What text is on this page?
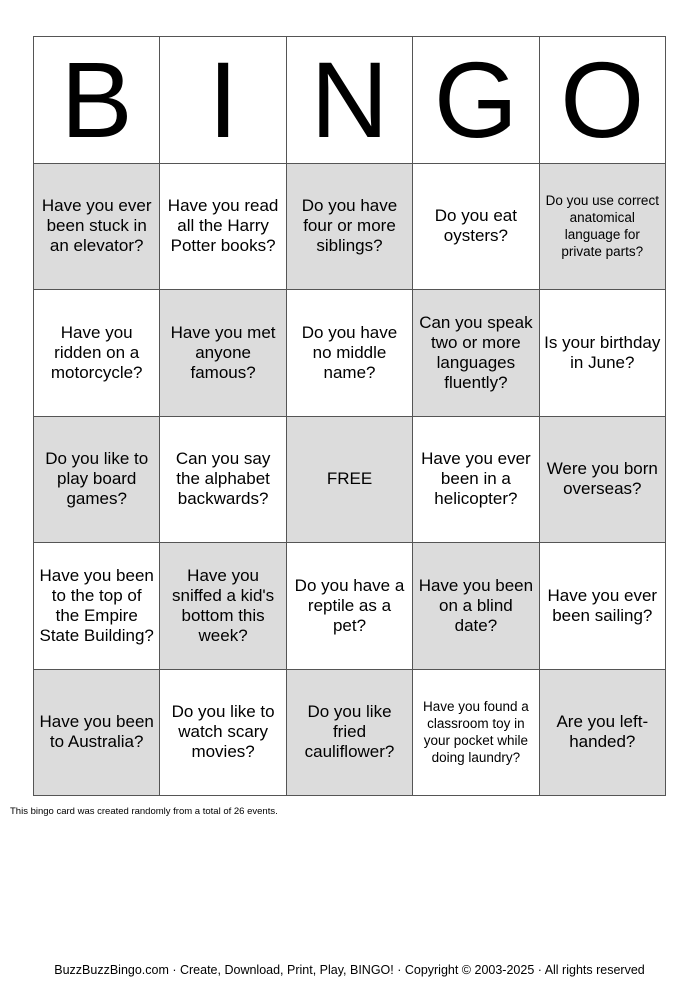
B I N G O
Have you ever been stuck in an elevator?
Have you read all the Harry Potter books?
Do you have four or more siblings?
Do you eat oysters?
Do you use correct anatomical language for private parts?
Have you ridden on a motorcycle?
Have you met anyone famous?
Do you have no middle name?
Can you speak two or more languages fluently?
Is your birthday in June?
Do you like to play board games?
Can you say the alphabet backwards?
FREE
Have you ever been in a helicopter?
Were you born overseas?
Have you been to the top of the Empire State Building?
Have you sniffed a kid's bottom this week?
Do you have a reptile as a pet?
Have you been on a blind date?
Have you ever been sailing?
Have you been to Australia?
Do you like to watch scary movies?
Do you like fried cauliflower?
Have you found a classroom toy in your pocket while doing laundry?
Are you left-handed?
This bingo card was created randomly from a total of 26 events.
BuzzBuzzBingo.com · Create, Download, Print, Play, BINGO! · Copyright © 2003-2025 · All rights reserved
